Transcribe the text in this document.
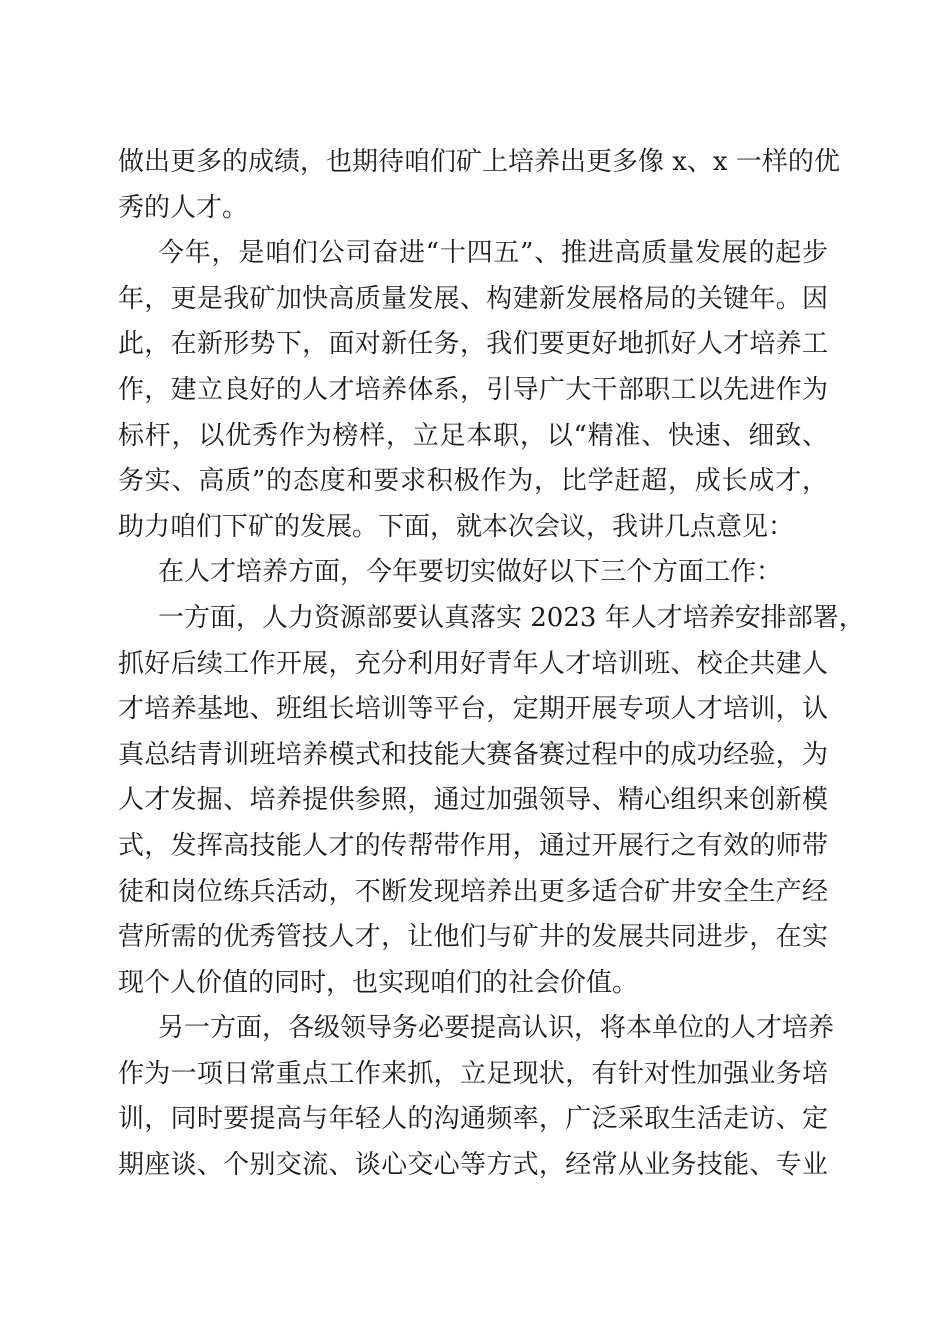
做出更多的成绩，也期待咱们矿上培养出更多像 x、x 一样的优
秀的人才。
今年，是咱们公司奋进“十四五”、推进高质量发展的起步
年，更是我矿加快高质量发展、构建新发展格局的关键年。因
此，在新形势下，面对新任务，我们要更好地抓好人才培养工
作，建立良好的人才培养体系，引导广大干部职工以先进作为
标杆，以优秀作为榜样，立足本职，以“精准、快速、细致、
务实、高质”的态度和要求积极作为，比学赶超，成长成才，
助力咱们下矿的发展。下面，就本次会议，我讲几点意见：
在人才培养方面，今年要切实做好以下三个方面工作：
一方面，人力资源部要认真落实 2023 年人才培养安排部署，
抓好后续工作开展，充分利用好青年人才培训班、校企共建人
才培养基地、班组长培训等平台，定期开展专项人才培训，认
真总结青训班培养模式和技能大赛备赛过程中的成功经验，为
人才发掘、培养提供参照，通过加强领导、精心组织来创新模
式，发挥高技能人才的传帮带作用，通过开展行之有效的师带
徒和岗位练兵活动，不断发现培养出更多适合矿井安全生产经
营所需的优秀管技人才，让他们与矿井的发展共同进步，在实
现个人价值的同时，也实现咱们的社会价值。
另一方面，各级领导务必要提高认识，将本单位的人才培养
作为一项日常重点工作来抓，立足现状，有针对性加强业务培
训，同时要提高与年轻人的沟通频率，广泛采取生活走访、定
期座谈、个别交流、谈心交心等方式，经常从业务技能、专业
